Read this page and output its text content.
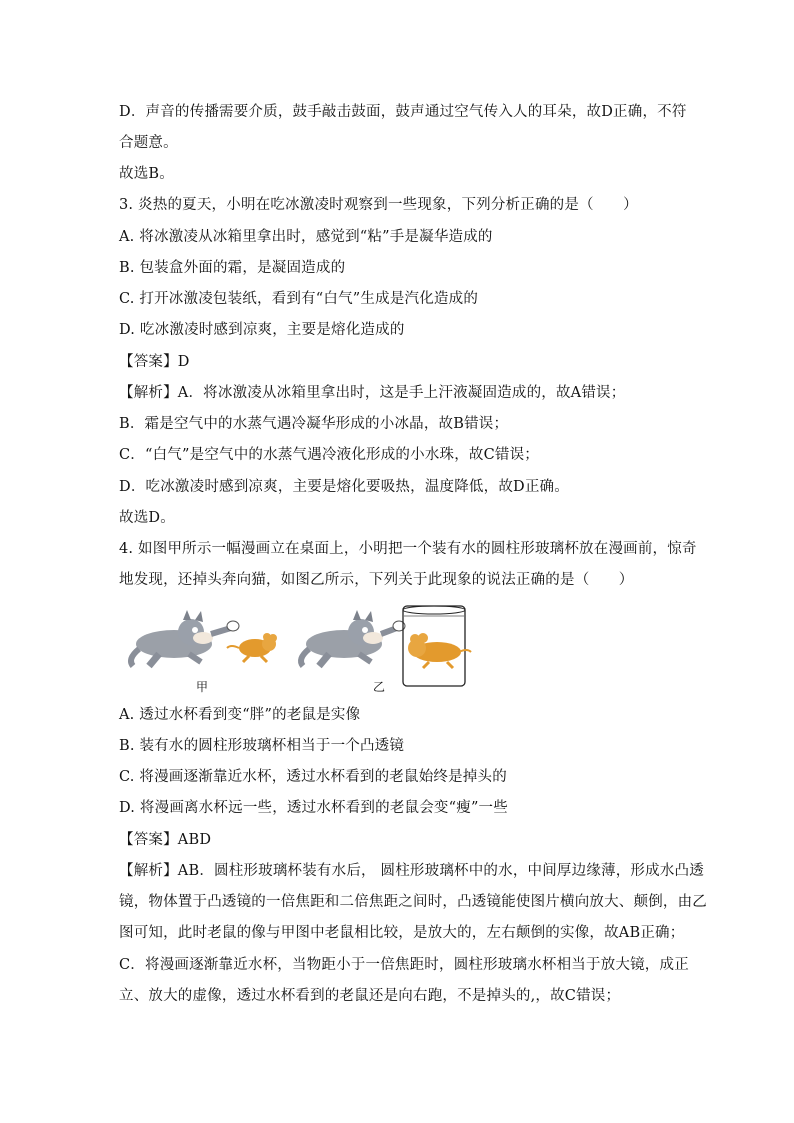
D．声音的传播需要介质，鼓手敲击鼓面，鼓声通过空气传入人的耳朵，故D正确，不符
合题意。
故选B。
3. 炎热的夏天，小明在吃冰激凌时观察到一些现象，下列分析正确的是（　　）
A. 将冰激凌从冰箱里拿出时，感觉到“粘”手是凝华造成的
B. 包装盒外面的霜，是凝固造成的
C. 打开冰激凌包装纸，看到有“白气”生成是汽化造成的
D. 吃冰激凌时感到凉爽，主要是熔化造成的
【答案】D
【解析】A．将冰激凌从冰箱里拿出时，这是手上汗液凝固造成的，故A错误；
B．霜是空气中的水蒸气遇冷凝华形成的小冰晶，故B错误；
C．“白气”是空气中的水蒸气遇冷液化形成的小水珠，故C错误；
D．吃冰激凌时感到凉爽，主要是熔化要吸热，温度降低，故D正确。
故选D。
4. 如图甲所示一幅漫画立在桌面上，小明把一个装有水的圆柱形玻璃杯放在漫画前，惊奇
地发现，还掉头奔向猫，如图乙所示，下列关于此现象的说法正确的是（　　）
甲	乙
A. 透过水杯看到变“胖”的老鼠是实像
B. 装有水的圆柱形玻璃杯相当于一个凸透镜
C. 将漫画逐渐靠近水杯，透过水杯看到的老鼠始终是掉头的
D. 将漫画离水杯远一些，透过水杯看到的老鼠会变“瘦”一些
【答案】ABD
【解析】AB．圆柱形玻璃杯装有水后， 圆柱形玻璃杯中的水，中间厚边缘薄，形成水凸透
镜，物体置于凸透镜的一倍焦距和二倍焦距之间时，凸透镜能使图片横向放大、颠倒，由乙
图可知，此时老鼠的像与甲图中老鼠相比较，是放大的，左右颠倒的实像，故AB正确；
C．将漫画逐渐靠近水杯，当物距小于一倍焦距时，圆柱形玻璃水杯相当于放大镜，成正
立、放大的虚像，透过水杯看到的老鼠还是向右跑，不是掉头的,，故C错误；
